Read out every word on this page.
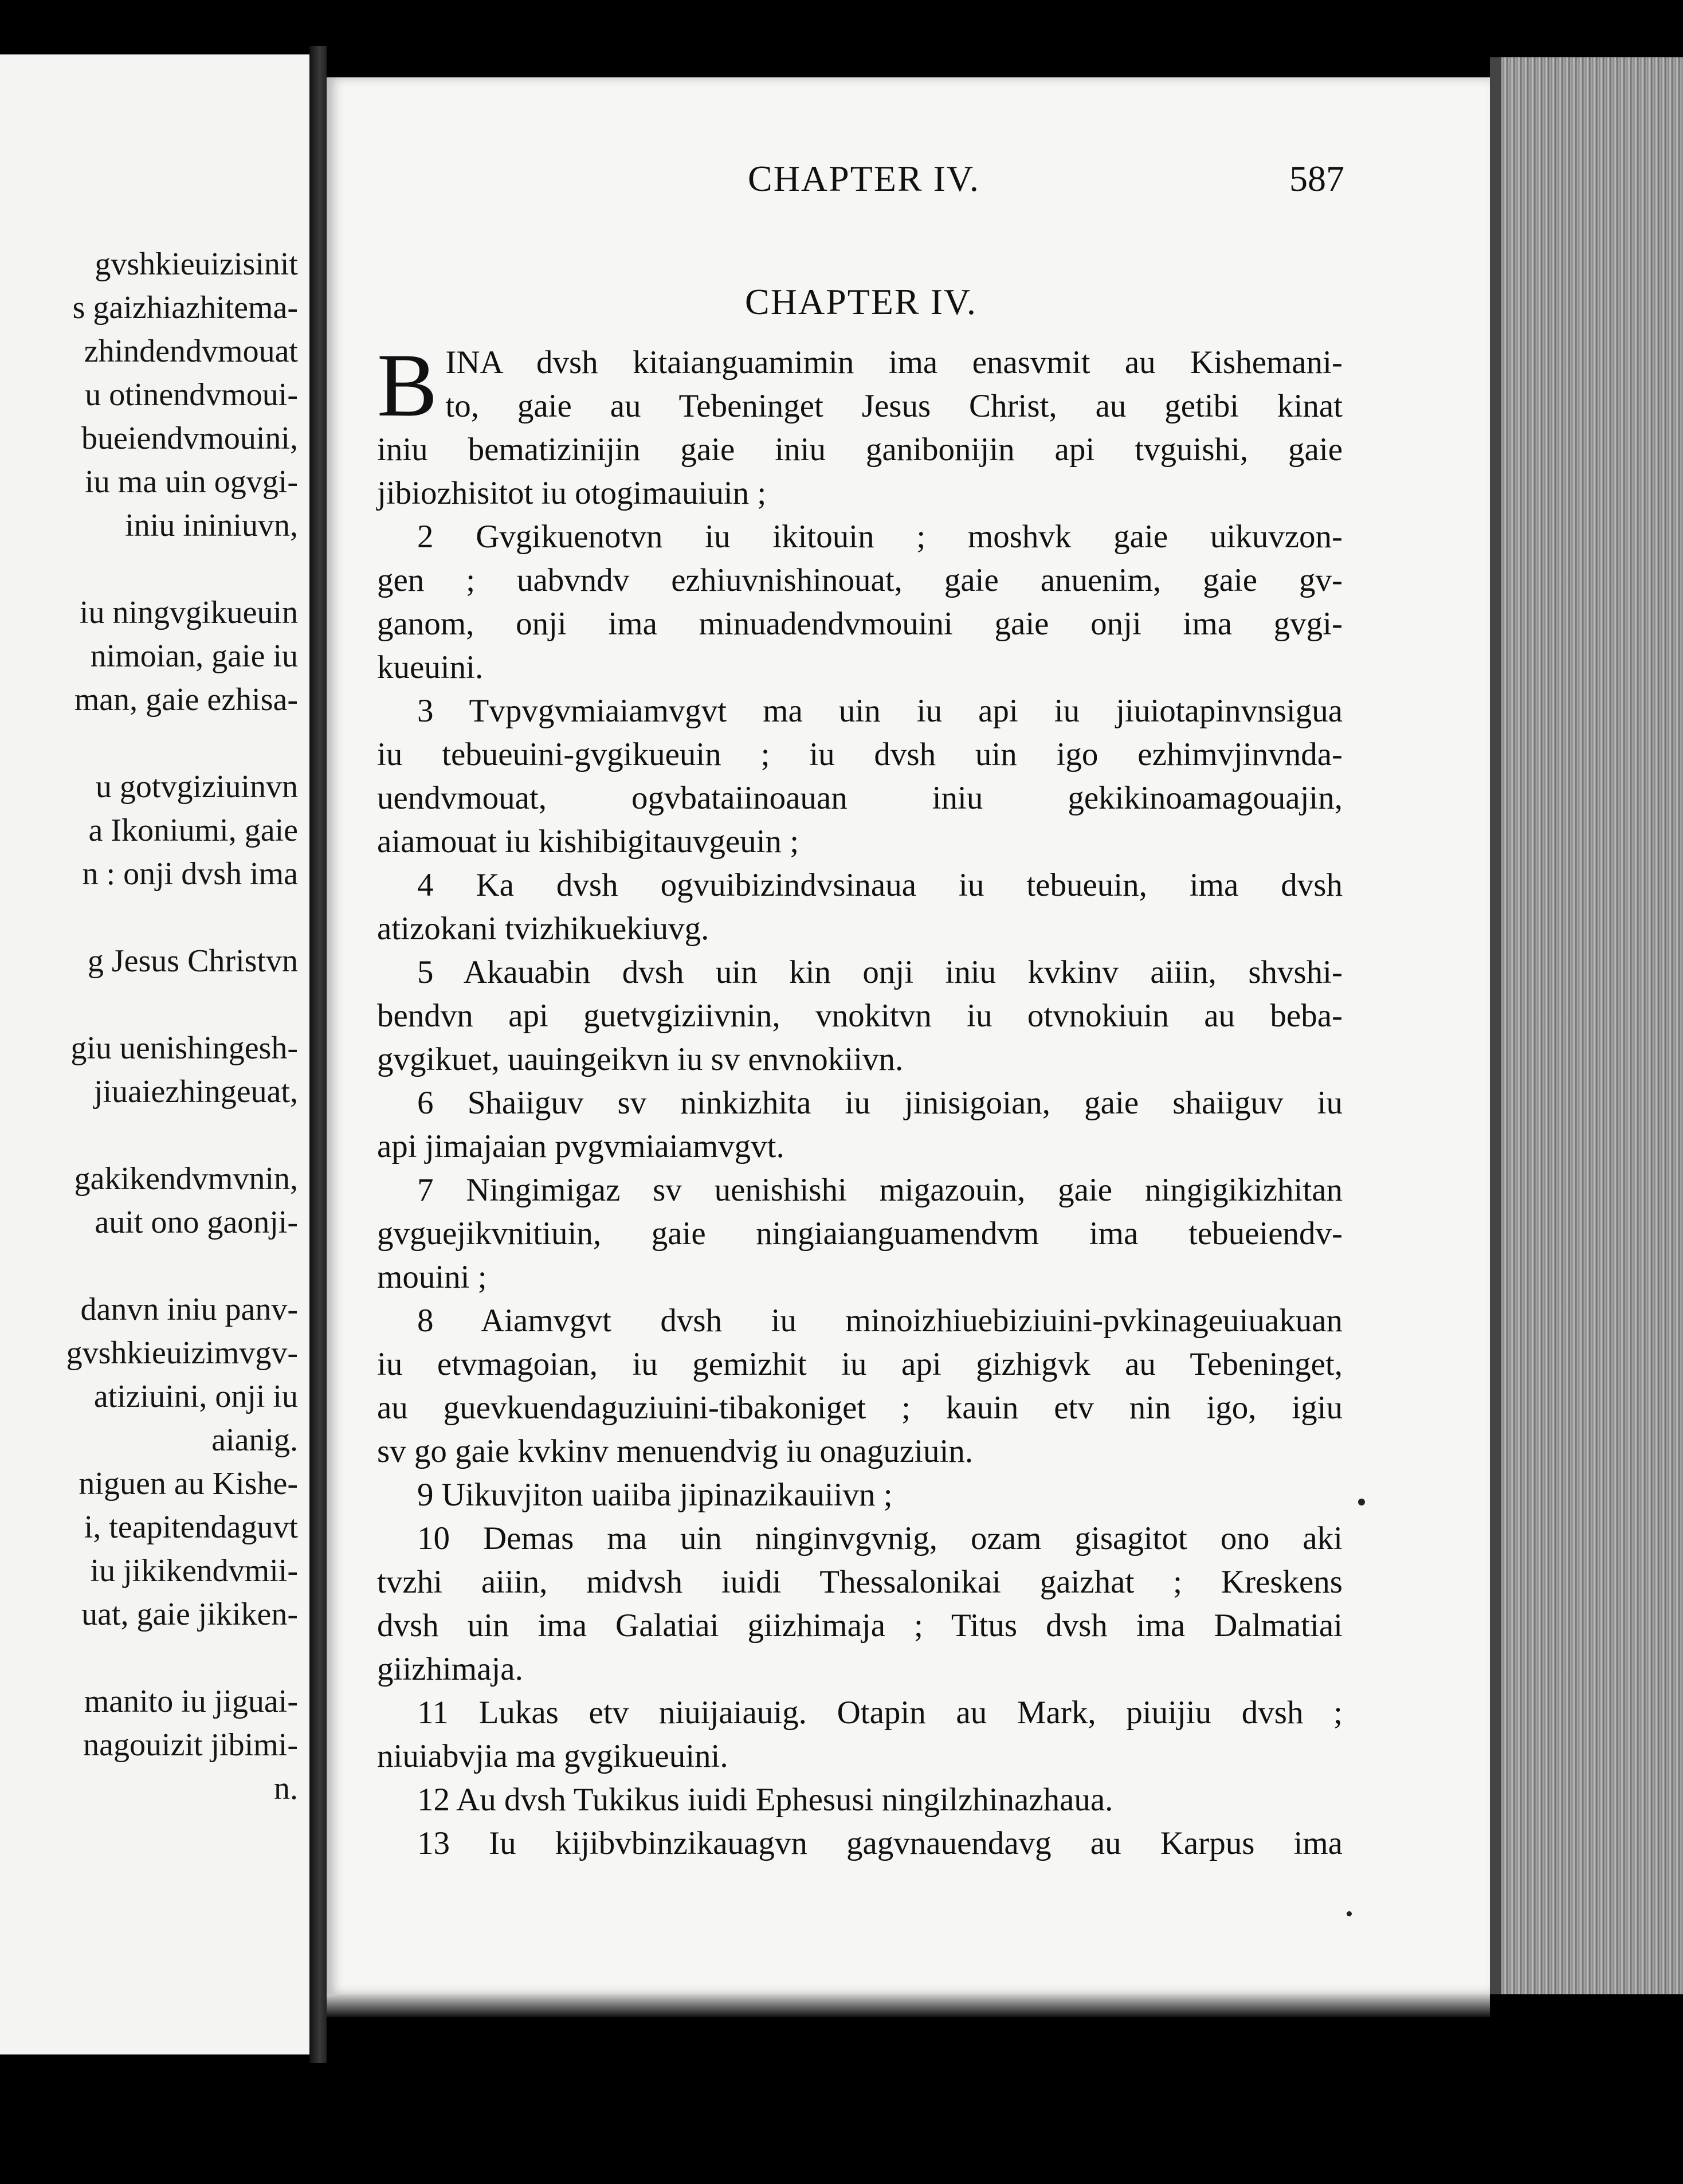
gvshkieuizisinit
s gaizhiazhitema-
zhindendvmouat
u otinendvmoui-
bueiendvmouini,
iu ma uin ogvgi-
iniu ininiuvn,
iu ningvgikueuin
nimoian, gaie iu
man, gaie ezhisa-
u gotvgiziuinvn
a Ikoniumi, gaie
n : onji dvsh ima
g Jesus Christvn
giu uenishingesh-
jiuaiezhingeuat,
gakikendvmvnin,
auit ono gaonji-
danvn iniu panv-
gvshkieuizimvgv-
atiziuini, onji iu
aianig.
niguen au Kishe-
i, teapitendaguvt
iu jikikendvmii-
uat, gaie jikiken-
manito iu jiguai-
nagouizit jibimi-
n.
CHAPTER IV.	587
CHAPTER IV.
B INA dvsh kitaianguamimin ima enasvmit au Kishemani-
to, gaie au Tebeninget Jesus Christ, au getibi kinat
iniu bematizinijin gaie iniu ganibonijin api tvguishi, gaie
jibiozhisitot iu otogimauiuin ;
2 Gvgikuenotvn iu ikitouin ; moshvk gaie uikuvzon-
gen ; uabvndv ezhiuvnishinouat, gaie anuenim, gaie gv-
ganom, onji ima minuadendvmouini gaie onji ima gvgi-
kueuini.
3 Tvpvgvmiaiamvgvt ma uin iu api iu jiuiotapinvnsigua
iu tebueuini-gvgikueuin ; iu dvsh uin igo ezhimvjinvnda-
uendvmouat, ogvbataiinoauan iniu gekikinoamagouajin,
aiamouat iu kishibigitauvgeuin ;
4 Ka dvsh ogvuibizindvsinaua iu tebueuin, ima dvsh
atizokani tvizhikuekiuvg.
5 Akauabin dvsh uin kin onji iniu kvkinv aiiin, shvshi-
bendvn api guetvgiziivnin, vnokitvn iu otvnokiuin au beba-
gvgikuet, uauingeikvn iu sv envnokiivn.
6 Shaiiguv sv ninkizhita iu jinisigoian, gaie shaiiguv iu
api jimajaian pvgvmiaiamvgvt.
7 Ningimigaz sv uenishishi migazouin, gaie ningigikizhitan
gvguejikvnitiuin, gaie ningiaianguamendvm ima tebueiendv-
mouini ;
8 Aiamvgvt dvsh iu minoizhiuebiziuini-pvkinageuiuakuan
iu etvmagoian, iu gemizhit iu api gizhigvk au Tebeninget,
au guevkuendaguziuini-tibakoniget ; kauin etv nin igo, igiu
sv go gaie kvkinv menuendvig iu onaguziuin.
9 Uikuvjiton uaiiba jipinazikauiivn ;
10 Demas ma uin ninginvgvnig, ozam gisagitot ono aki
tvzhi aiiin, midvsh iuidi Thessalonikai gaizhat ; Kreskens
dvsh uin ima Galatiai giizhimaja ; Titus dvsh ima Dalmatiai
giizhimaja.
11 Lukas etv niuijaiauig. Otapin au Mark, piuijiu dvsh ;
niuiabvjia ma gvgikueuini.
12 Au dvsh Tukikus iuidi Ephesusi ningilzhinazhaua.
13 Iu kijibvbinzikauagvn gagvnauendavg au Karpus ima
